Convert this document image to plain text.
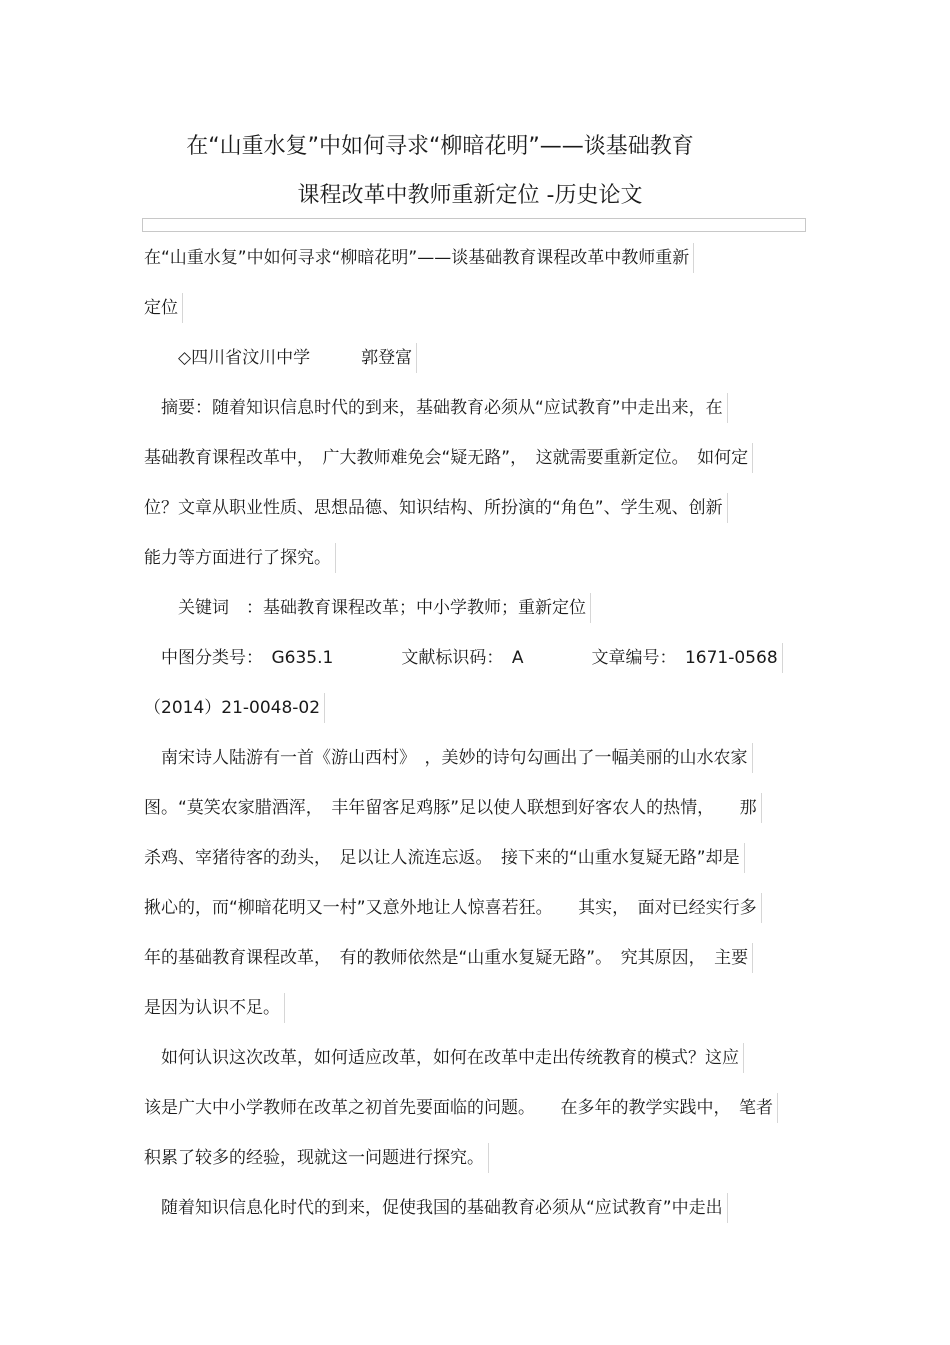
在“山重水复”中如何寻求“柳暗花明”——谈基础教育
课程改革中教师重新定位 -历史论文
在“山重水复”中如何寻求“柳暗花明”——谈基础教育课程改革中教师重新
定位
　　◇四川省汶川中学　　　郭登富
　摘要：随着知识信息时代的到来，基础教育必须从“应试教育”中走出来，在
基础教育课程改革中，　广大教师难免会“疑无路”，　这就需要重新定位。　如何定
位？文章从职业性质、思想品德、知识结构、所扮演的“角色”、学生观、创新
能力等方面进行了探究。
　　关键词　：基础教育课程改革；中小学教师；重新定位
　中图分类号：　G635.1　　　　文献标识码：　A　　　　文章编号：　1671-0568
（2014）21-0048-02
　南宋诗人陆游有一首《游山西村》　，美妙的诗句勾画出了一幅美丽的山水农家
图。“莫笑农家腊酒浑，　丰年留客足鸡豚”足以使人联想到好客农人的热情，　　那
杀鸡、宰猪待客的劲头，　足以让人流连忘返。　接下来的“山重水复疑无路”却是
揪心的，而“柳暗花明又一村”又意外地让人惊喜若狂。　　其实，　面对已经实行多
年的基础教育课程改革，　有的教师依然是“山重水复疑无路”。　究其原因，　主要
是因为认识不足。
　如何认识这次改革，如何适应改革，如何在改革中走出传统教育的模式？这应
该是广大中小学教师在改革之初首先要面临的问题。　　在多年的教学实践中，　笔者
积累了较多的经验，现就这一问题进行探究。
　随着知识信息化时代的到来，促使我国的基础教育必须从“应试教育”中走出
